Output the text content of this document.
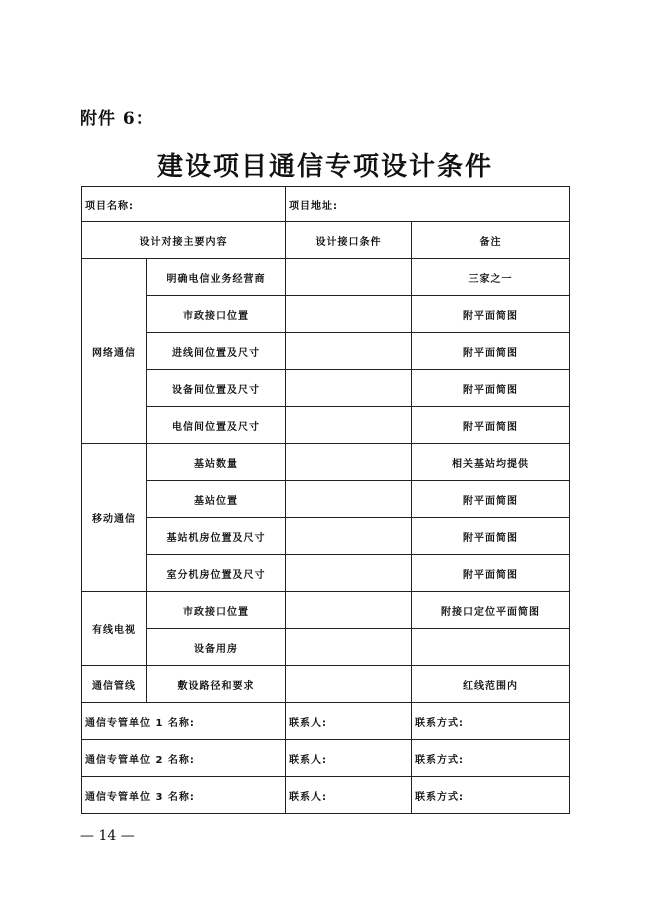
附件 6：
建设项目通信专项设计条件
项目名称:		项目地址:	
设计对接主要内容		设计接口条件	备注
网络通信	明确电信业务经营商		三家之一
	市政接口位置		附平面简图
	进线间位置及尺寸		附平面简图
	设备间位置及尺寸		附平面简图
	电信间位置及尺寸		附平面简图
移动通信	基站数量		相关基站均提供
	基站位置		附平面简图
	基站机房位置及尺寸		附平面简图
	室分机房位置及尺寸		附平面简图
有线电视	市政接口位置		附接口定位平面简图
	设备用房		
通信管线	敷设路径和要求		红线范围内
通信专管单位 1 名称:		联系人:	联系方式:
通信专管单位 2 名称:		联系人:	联系方式:
通信专管单位 3 名称:		联系人:	联系方式:
— 14 —
